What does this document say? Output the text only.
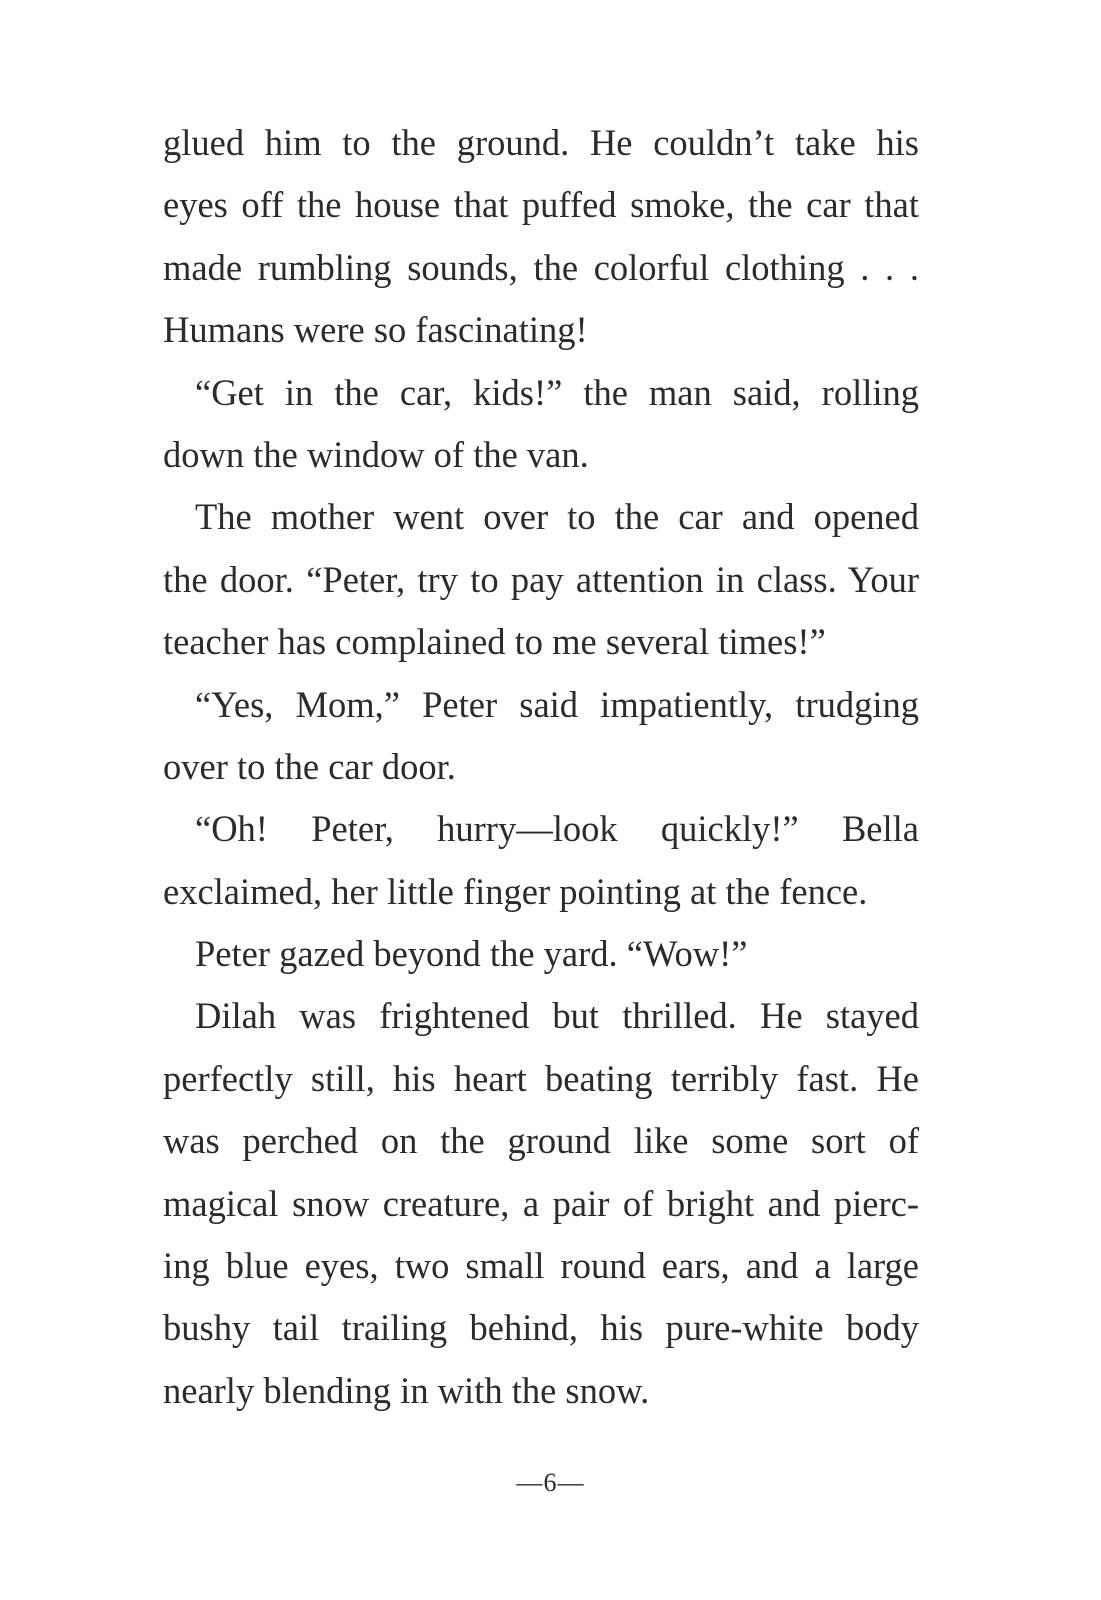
glued him to the ground. He couldn’t take his
eyes off the house that puffed smoke, the car that
made rumbling sounds, the colorful clothing . . .
Humans were so fascinating!
“Get in the car, kids!” the man said, rolling
down the window of the van.
The mother went over to the car and opened
the door. “Peter, try to pay attention in class. Your
teacher has complained to me several times!”
“Yes, Mom,” Peter said impatiently, trudging
over to the car door.
“Oh! Peter, hurry—look quickly!” Bella
exclaimed, her little finger pointing at the fence.
Peter gazed beyond the yard. “Wow!”
Dilah was frightened but thrilled. He stayed
perfectly still, his heart beating terribly fast. He
was perched on the ground like some sort of
magical snow creature, a pair of bright and pierc-
ing blue eyes, two small round ears, and a large
bushy tail trailing behind, his pure-white body
nearly blending in with the snow.
—6—
